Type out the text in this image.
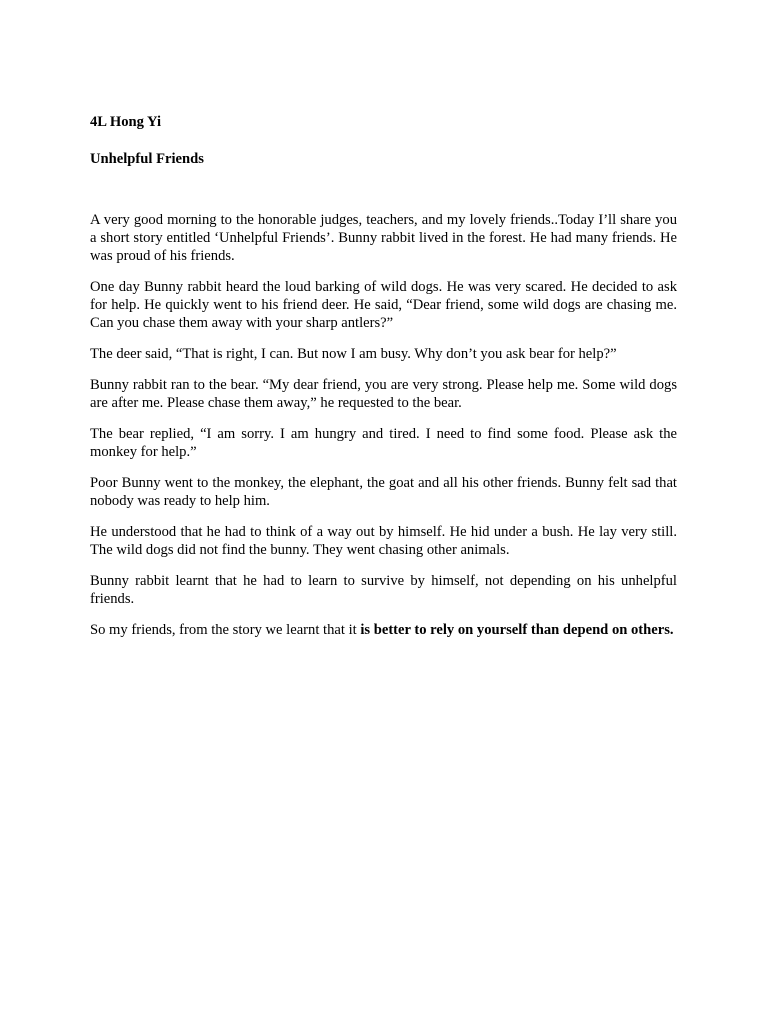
4L Hong Yi

Unhelpful Friends

A very good morning to the honorable judges, teachers, and my lovely friends..Today I’ll share you a short story entitled ‘Unhelpful Friends’. Bunny rabbit lived in the forest. He had many friends. He was proud of his friends.

One day Bunny rabbit heard the loud barking of wild dogs. He was very scared. He decided to ask for help. He quickly went to his friend deer. He said, “Dear friend, some wild dogs are chasing me. Can you chase them away with your sharp antlers?”

The deer said, “That is right, I can. But now I am busy. Why don’t you ask bear for help?”

Bunny rabbit ran to the bear. “My dear friend, you are very strong. Please help me. Some wild dogs are after me. Please chase them away,” he requested to the bear.

The bear replied, “I am sorry. I am hungry and tired. I need to find some food. Please ask the monkey for help.”

Poor Bunny went to the monkey, the elephant, the goat and all his other friends. Bunny felt sad that nobody was ready to help him.

He understood that he had to think of a way out by himself. He hid under a bush. He lay very still. The wild dogs did not find the bunny. They went chasing other animals.

Bunny rabbit learnt that he had to learn to survive by himself, not depending on his unhelpful friends.

So my friends, from the story we learnt that it is better to rely on yourself than depend on others.
